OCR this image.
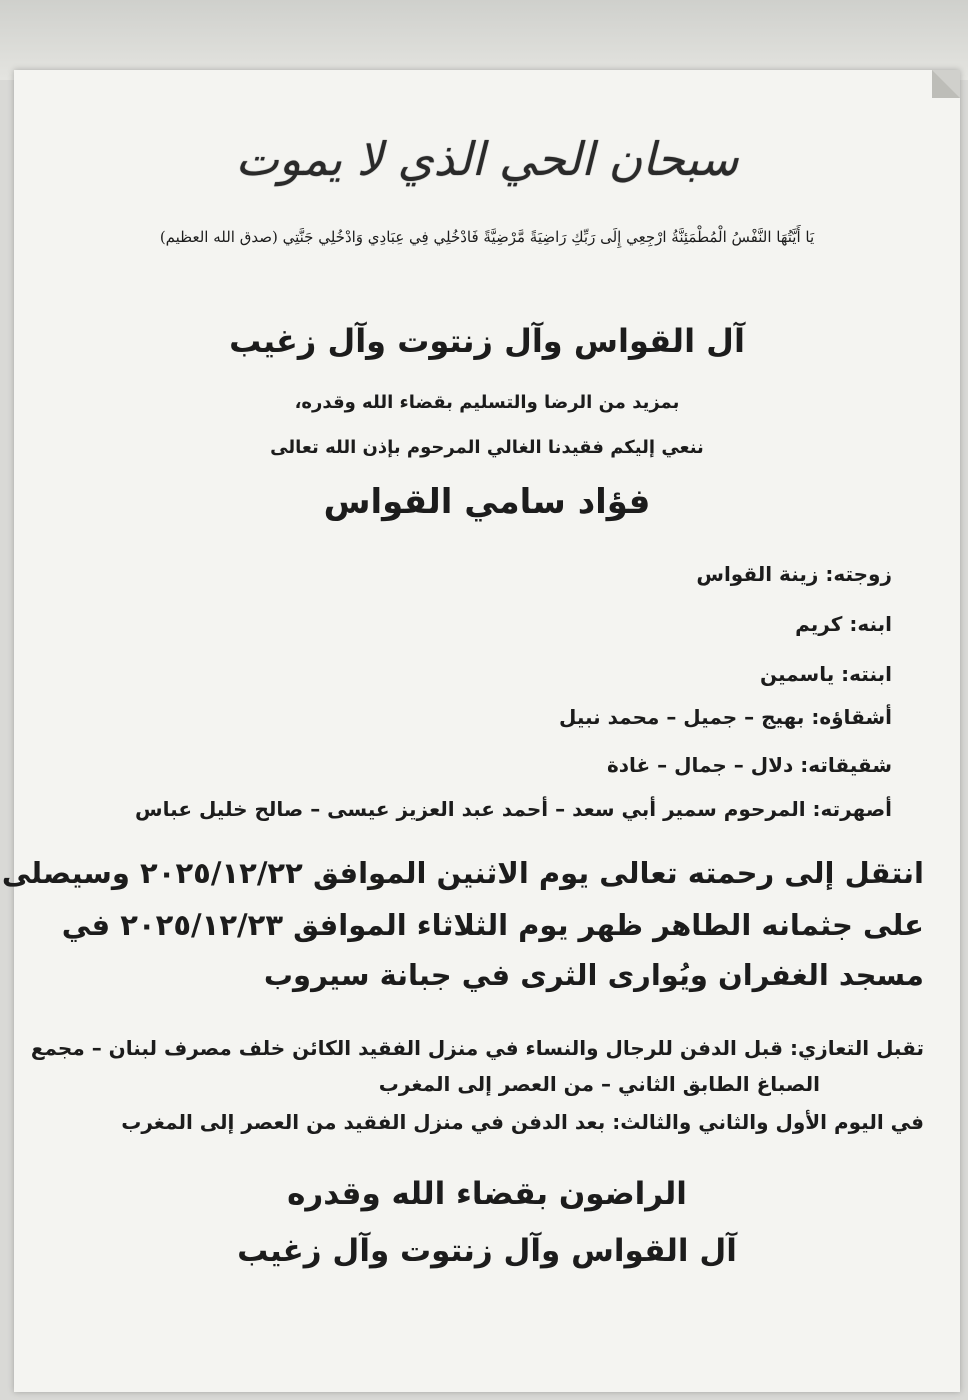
سبحان الحي الذي لا يموت
يَا أَيَّتُهَا النَّفْسُ الْمُطْمَئِنَّةُ ارْجِعِي إِلَى رَبِّكِ رَاضِيَةً مَّرْضِيَّةً فَادْخُلِي فِي عِبَادِي وَادْخُلِي جَنَّتِي (صدق الله العظيم)
آل القواس وآل زنتوت وآل زغيب
بمزيد من الرضا والتسليم بقضاء الله وقدره،
ننعي إليكم فقيدنا الغالي المرحوم بإذن الله تعالى
فؤاد سامي القواس
زوجته: زينة القواس
ابنه: كريم
ابنته: ياسمين
أشقاؤه: بهيج – جميل – محمد نبيل
شقيقاته: دلال – جمال – غادة
أصهرته: المرحوم سمير أبي سعد – أحمد عبد العزيز عيسى – صالح خليل عباس
انتقل إلى رحمته تعالى يوم الاثنين الموافق ٢٠٢٥/١٢/٢٢ وسيصلى
على جثمانه الطاهر ظهر يوم الثلاثاء الموافق ٢٠٢٥/١٢/٢٣ في
مسجد الغفران ويُوارى الثرى في جبانة سيروب
تقبل التعازي: قبل الدفن للرجال والنساء في منزل الفقيد الكائن خلف مصرف لبنان – مجمع
الصباغ الطابق الثاني – من العصر إلى المغرب
في اليوم الأول والثاني والثالث: بعد الدفن في منزل الفقيد من العصر إلى المغرب
الراضون بقضاء الله وقدره
آل القواس وآل زنتوت وآل زغيب
